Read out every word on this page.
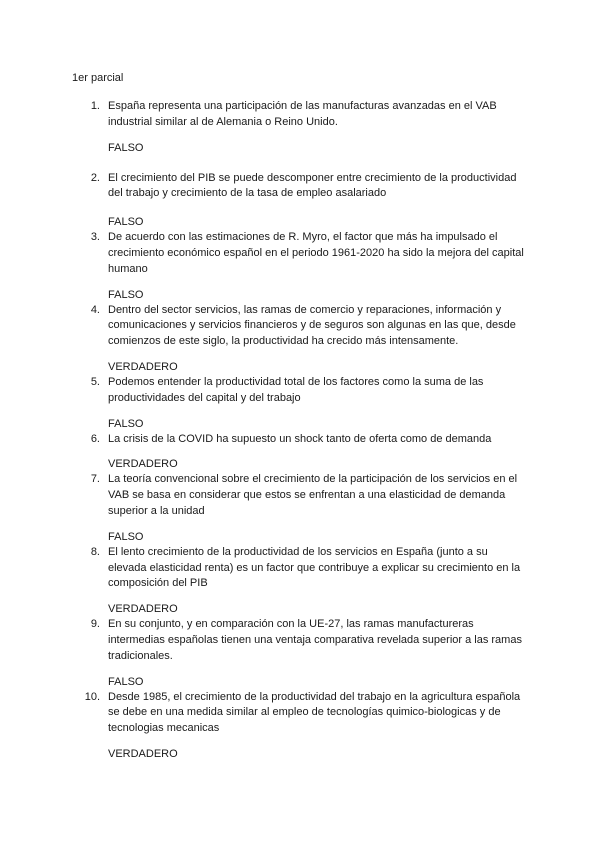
1er parcial
1. España representa una participación de las manufacturas avanzadas en el VAB industrial similar al de Alemania o Reino Unido.

FALSO

2. El crecimiento del PIB se puede descomponer entre crecimiento de la productividad del trabajo y crecimiento de la tasa de empleo asalariado

FALSO

3. De acuerdo con las estimaciones de R. Myro, el factor que más ha impulsado el crecimiento económico español en el periodo 1961-2020 ha sido la mejora del capital humano

FALSO

4. Dentro del sector servicios, las ramas de comercio y reparaciones, información y comunicaciones y servicios financieros y de seguros son algunas en las que, desde comienzos de este siglo, la productividad ha crecido más intensamente.

VERDADERO

5. Podemos entender la productividad total de los factores como la suma de las productividades del capital y del trabajo

FALSO

6. La crisis de la COVID ha supuesto un shock tanto de oferta como de demanda

VERDADERO

7. La teoría convencional sobre el crecimiento de la participación de los servicios en el VAB se basa en considerar que estos se enfrentan a una elasticidad de demanda superior a la unidad

FALSO

8. El lento crecimiento de la productividad de los servicios en España (junto a su elevada elasticidad renta) es un factor que contribuye a explicar su crecimiento en la composición del PIB

VERDADERO

9. En su conjunto, y en comparación con la UE-27, las ramas manufactureras intermedias españolas tienen una ventaja comparativa revelada superior a las ramas tradicionales.

FALSO

10. Desde 1985, el crecimiento de la productividad del trabajo en la agricultura española se debe en una medida similar al empleo de tecnologías quimico-biologicas y de tecnologias mecanicas

VERDADERO
